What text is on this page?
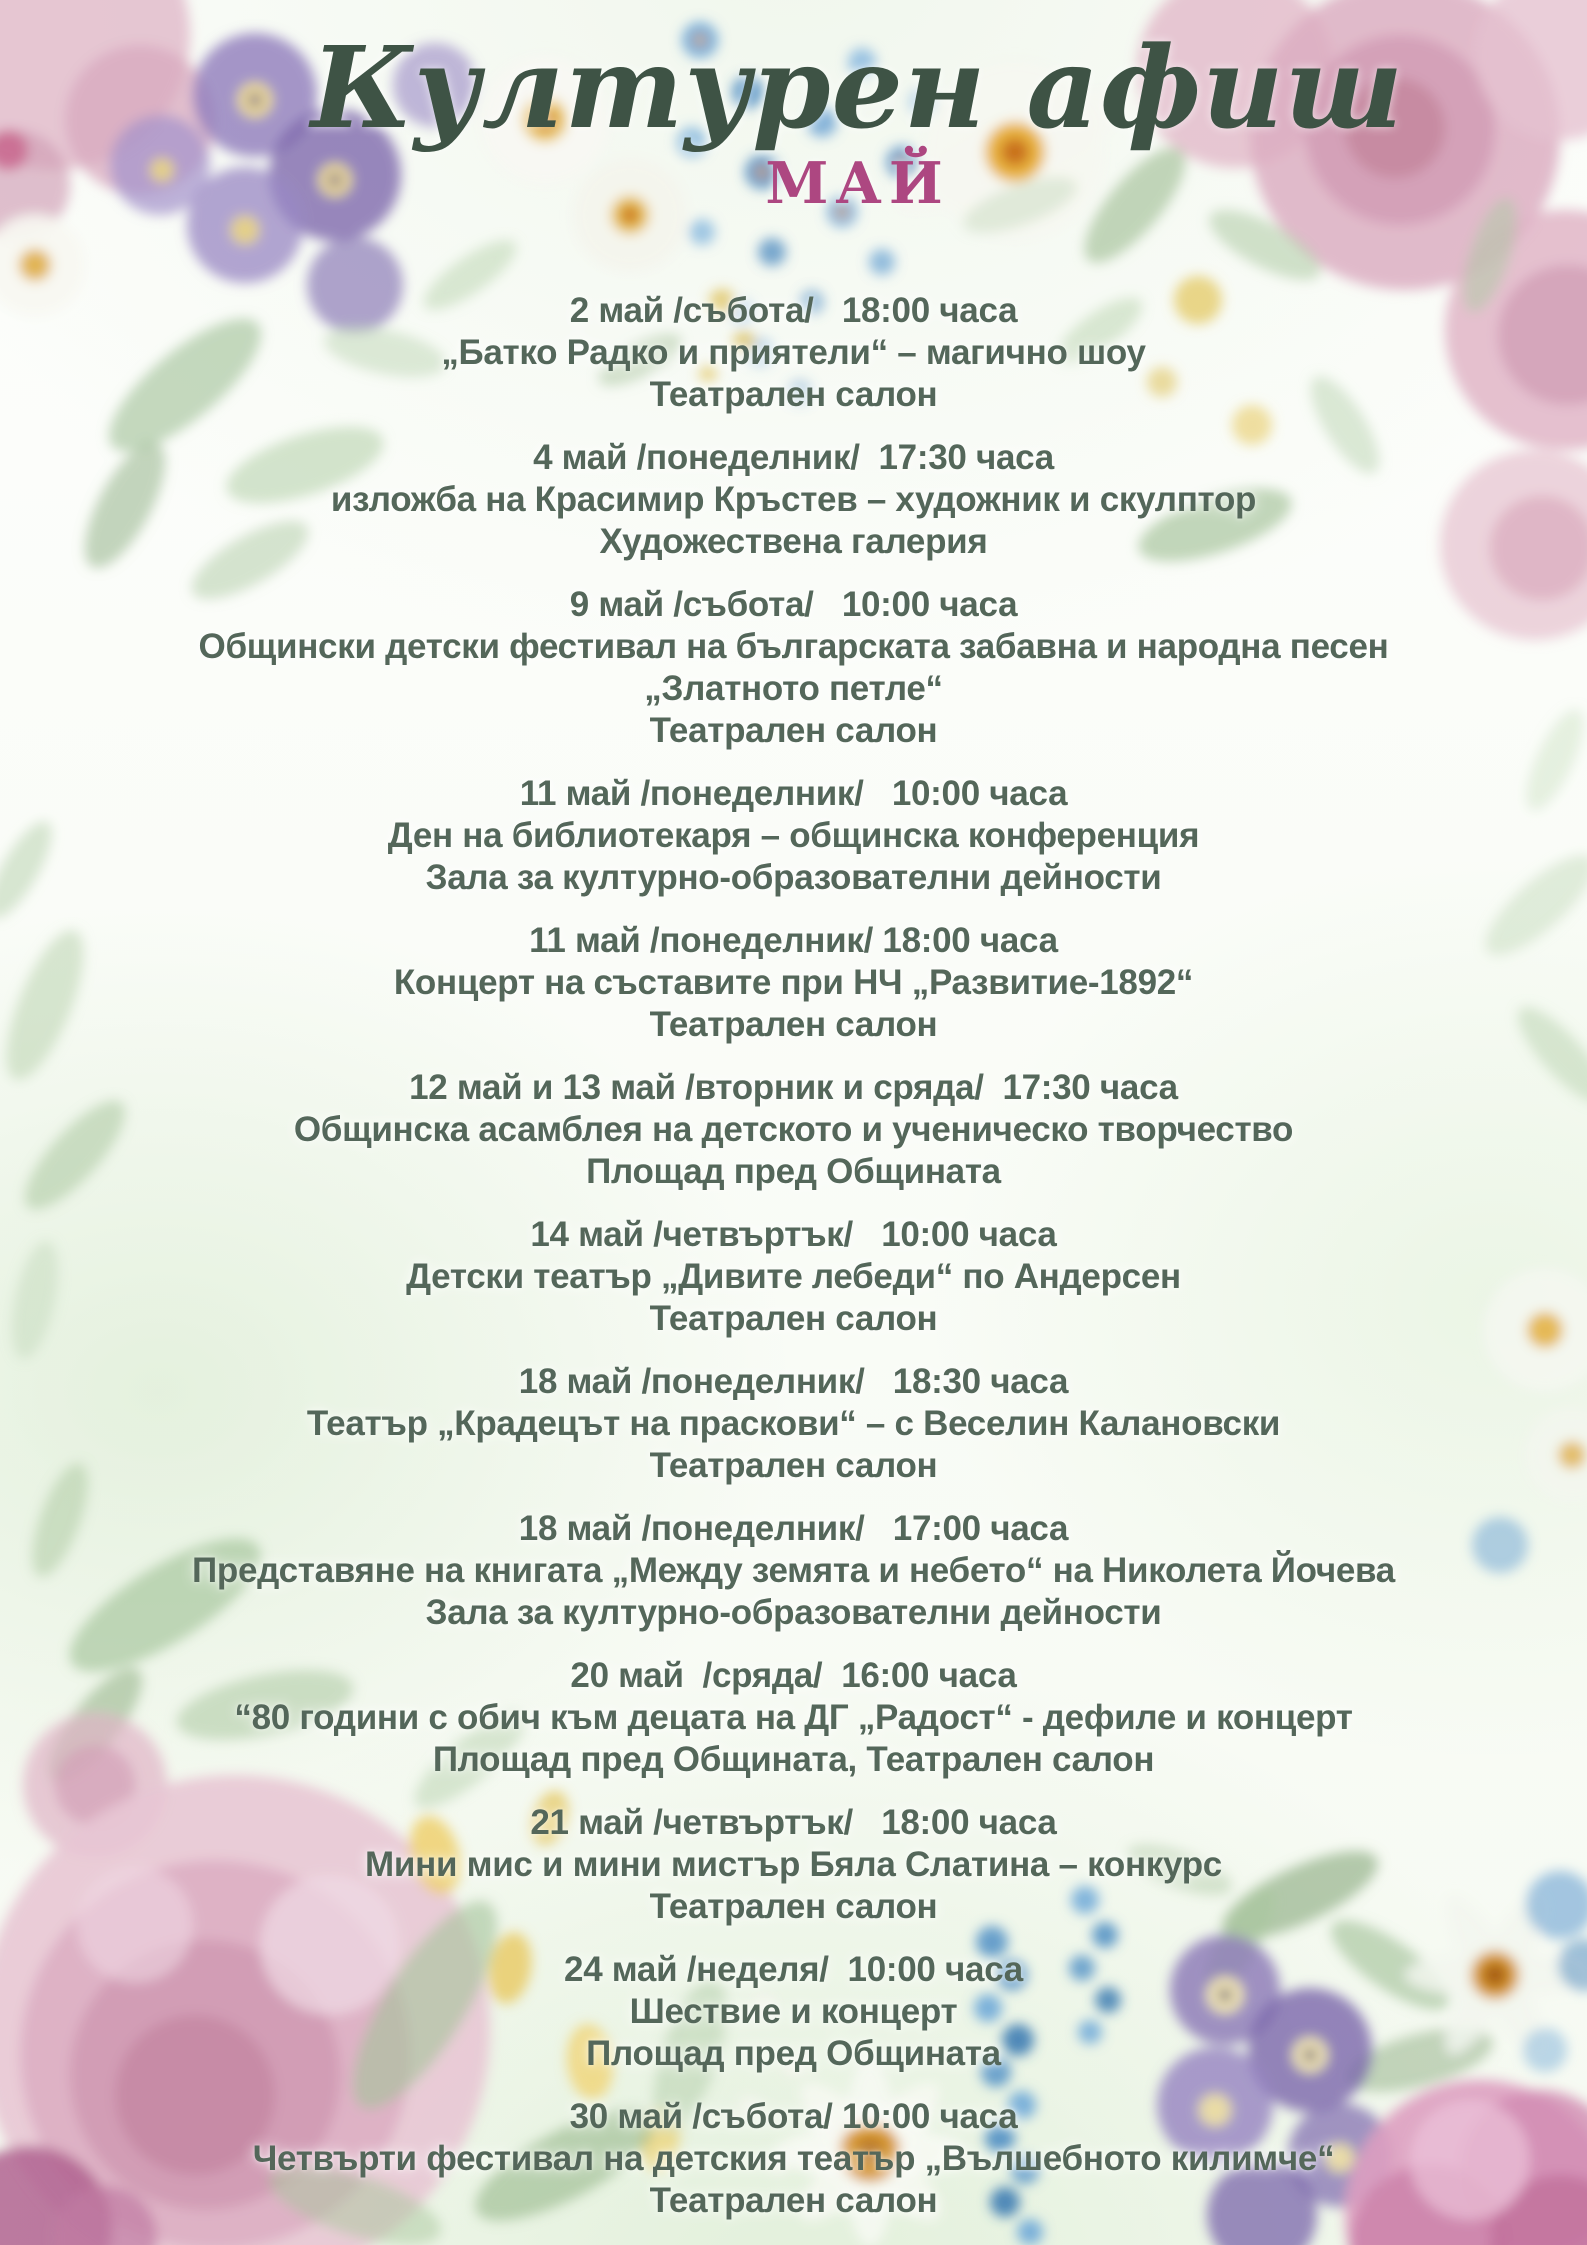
Културен афиш
МАЙ
2 май /събота/   18:00 часа
„Батко Радко и приятели“ – магично шоу
Театрален салон
4 май /понеделник/  17:30 часа
изложба на Красимир Кръстев – художник и скулптор
Художествена галерия
9 май /събота/   10:00 часа
Общински детски фестивал на българската забавна и народна песен
„Златното петле“
Театрален салон
11 май /понеделник/   10:00 часа
Ден на библиотекаря – общинска конференция
Зала за културно-образователни дейности
11 май /понеделник/ 18:00 часа
Концерт на съставите при НЧ „Развитие-1892“
Театрален салон
12 май и 13 май /вторник и сряда/  17:30 часа
Общинска асамблея на детското и ученическо творчество
Площад пред Общината
14 май /четвъртък/   10:00 часа
Детски театър „Дивите лебеди“ по Андерсен
Театрален салон
18 май /понеделник/   18:30 часа
Театър „Крадецът на праскови“ – с Веселин Калановски
Театрален салон
18 май /понеделник/   17:00 часа
Представяне на книгата „Между земята и небето“ на Николета Йочева
Зала за културно-образователни дейности
20 май  /сряда/  16:00 часа
“80 години с обич към децата на ДГ „Радост“ - дефиле и концерт
Площад пред Общината, Театрален салон
21 май /четвъртък/   18:00 часа
Мини мис и мини мистър Бяла Слатина – конкурс
Театрален салон
24 май /неделя/  10:00 часа
Шествие и концерт
Площад пред Общината
30 май /събота/ 10:00 часа
Четвърти фестивал на детския театър „Вълшебното килимче“
Театрален салон
